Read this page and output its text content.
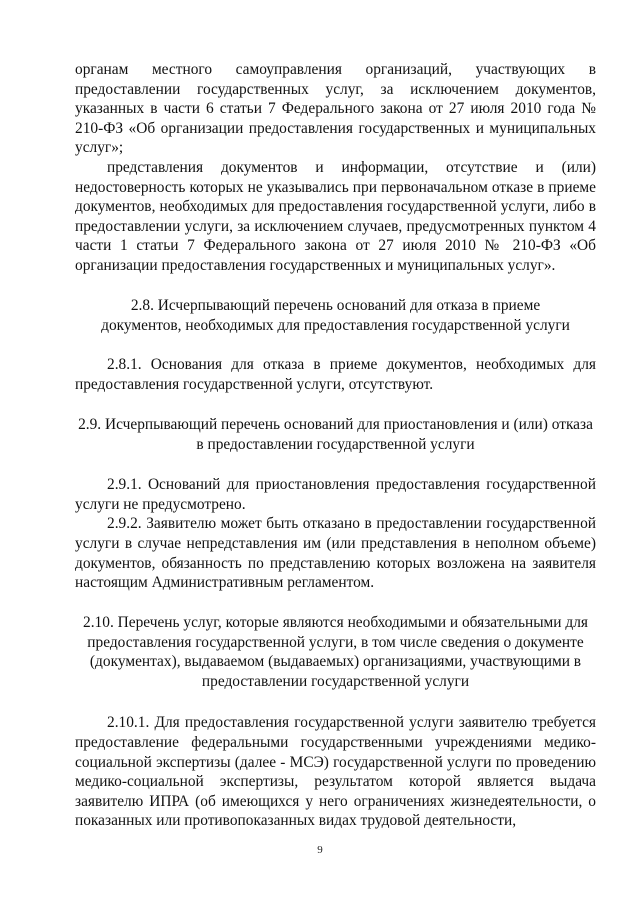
органам местного самоуправления организаций, участвующих в предоставлении государственных услуг, за исключением документов, указанных в части 6 статьи 7 Федерального закона от 27 июля 2010 года № 210-ФЗ «Об организации предоставления государственных и муниципальных услуг»;

представления документов и информации, отсутствие и (или) недостоверность которых не указывались при первоначальном отказе в приеме документов, необходимых для предоставления государственной услуги, либо в предоставлении услуги, за исключением случаев, предусмотренных пунктом 4 части 1 статьи 7 Федерального закона от 27 июля 2010 № 210-ФЗ «Об организации предоставления государственных и муниципальных услуг».

2.8. Исчерпывающий перечень оснований для отказа в приеме документов, необходимых для предоставления государственной услуги

2.8.1. Основания для отказа в приеме документов, необходимых для предоставления государственной услуги, отсутствуют.

2.9. Исчерпывающий перечень оснований для приостановления и (или) отказа в предоставлении государственной услуги

2.9.1. Оснований для приостановления предоставления государственной услуги не предусмотрено.

2.9.2. Заявителю может быть отказано в предоставлении государственной услуги в случае непредставления им (или представления в неполном объеме) документов, обязанность по представлению которых возложена на заявителя настоящим Административным регламентом.

2.10. Перечень услуг, которые являются необходимыми и обязательными для предоставления государственной услуги, в том числе сведения о документе (документах), выдаваемом (выдаваемых) организациями, участвующими в предоставлении государственной услуги

2.10.1. Для предоставления государственной услуги заявителю требуется предоставление федеральными государственными учреждениями медико-социальной экспертизы (далее - МСЭ) государственной услуги по проведению медико-социальной экспертизы, результатом которой является выдача заявителю ИПРА (об имеющихся у него ограничениях жизнедеятельности, о показанных или противопоказанных видах трудовой деятельности,

9
